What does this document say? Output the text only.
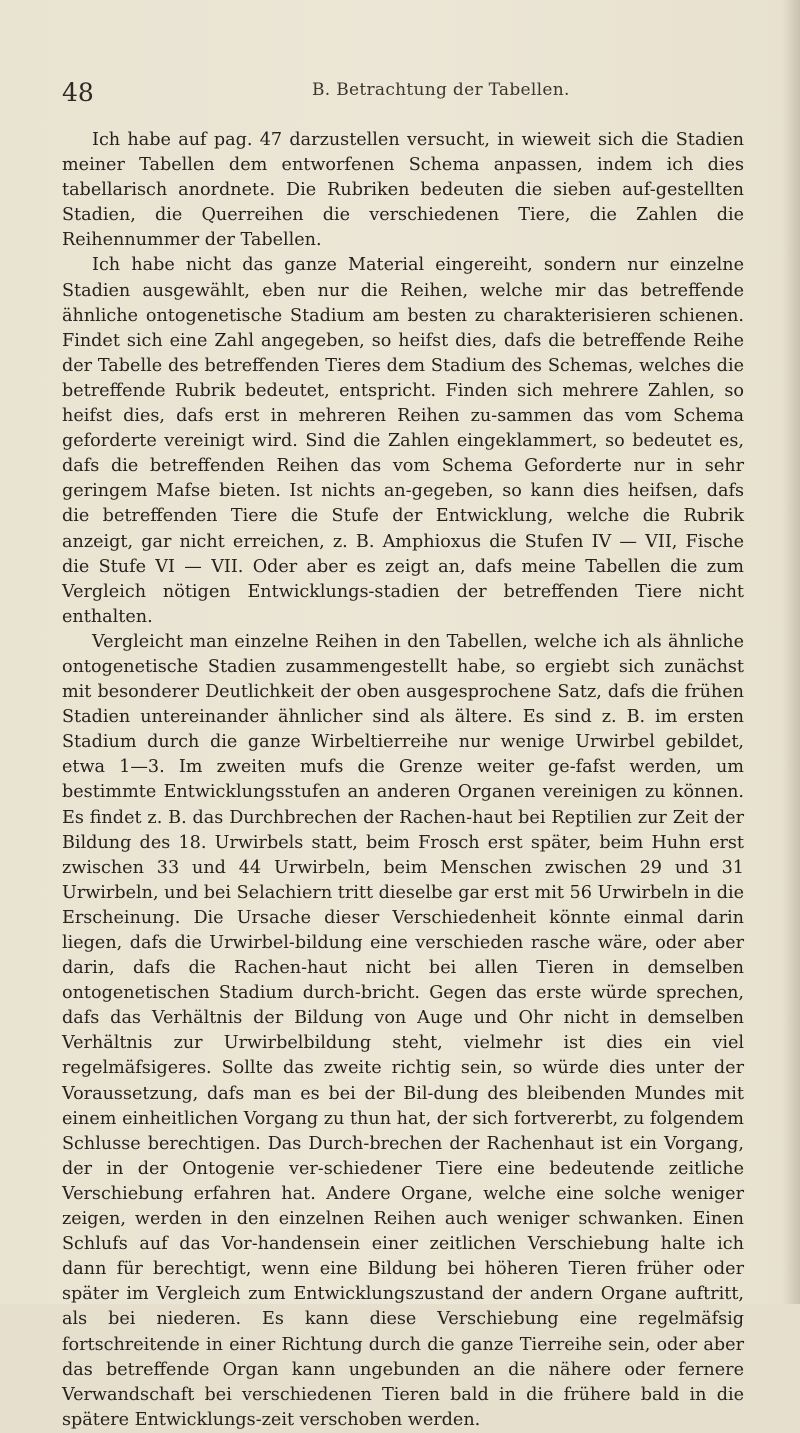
48	B. Betrachtung der Tabellen.

Ich habe auf pag. 47 darzustellen versucht, in wieweit sich die Stadien meiner Tabellen dem entworfenen Schema anpassen, indem ich dies tabellarisch anordnete. Die Rubriken bedeuten die sieben auf-gestellten Stadien, die Querreihen die verschiedenen Tiere, die Zahlen die Reihennummer der Tabellen.

Ich habe nicht das ganze Material eingereiht, sondern nur einzelne Stadien ausgewählt, eben nur die Reihen, welche mir das betreffende ähnliche ontogenetische Stadium am besten zu charakterisieren schienen. Findet sich eine Zahl angegeben, so heifst dies, dafs die betreffende Reihe der Tabelle des betreffenden Tieres dem Stadium des Schemas, welches die betreffende Rubrik bedeutet, entspricht. Finden sich mehrere Zahlen, so heifst dies, dafs erst in mehreren Reihen zu-sammen das vom Schema geforderte vereinigt wird. Sind die Zahlen eingeklammert, so bedeutet es, dafs die betreffenden Reihen das vom Schema Geforderte nur in sehr geringem Mafse bieten. Ist nichts an-gegeben, so kann dies heifsen, dafs die betreffenden Tiere die Stufe der Entwicklung, welche die Rubrik anzeigt, gar nicht erreichen, z. B. Amphioxus die Stufen IV — VII, Fische die Stufe VI — VII. Oder aber es zeigt an, dafs meine Tabellen die zum Vergleich nötigen Entwicklungs-stadien der betreffenden Tiere nicht enthalten.

Vergleicht man einzelne Reihen in den Tabellen, welche ich als ähnliche ontogenetische Stadien zusammengestellt habe, so ergiebt sich zunächst mit besonderer Deutlichkeit der oben ausgesprochene Satz, dafs die frühen Stadien untereinander ähnlicher sind als ältere. Es sind z. B. im ersten Stadium durch die ganze Wirbeltierreihe nur wenige Urwirbel gebildet, etwa 1—3. Im zweiten mufs die Grenze weiter ge-fafst werden, um bestimmte Entwicklungsstufen an anderen Organen vereinigen zu können. Es findet z. B. das Durchbrechen der Rachen-haut bei Reptilien zur Zeit der Bildung des 18. Urwirbels statt, beim Frosch erst später, beim Huhn erst zwischen 33 und 44 Urwirbeln, beim Menschen zwischen 29 und 31 Urwirbeln, und bei Selachiern tritt dieselbe gar erst mit 56 Urwirbeln in die Erscheinung. Die Ursache dieser Verschiedenheit könnte einmal darin liegen, dafs die Urwirbel-bildung eine verschieden rasche wäre, oder aber darin, dafs die Rachen-haut nicht bei allen Tieren in demselben ontogenetischen Stadium durch-bricht. Gegen das erste würde sprechen, dafs das Verhältnis der Bildung von Auge und Ohr nicht in demselben Verhältnis zur Urwirbelbildung steht, vielmehr ist dies ein viel regelmäfsigeres. Sollte das zweite richtig sein, so würde dies unter der Voraussetzung, dafs man es bei der Bil-dung des bleibenden Mundes mit einem einheitlichen Vorgang zu thun hat, der sich fortvererbt, zu folgendem Schlusse berechtigen. Das Durch-brechen der Rachenhaut ist ein Vorgang, der in der Ontogenie ver-schiedener Tiere eine bedeutende zeitliche Verschiebung erfahren hat. Andere Organe, welche eine solche weniger zeigen, werden in den einzelnen Reihen auch weniger schwanken. Einen Schlufs auf das Vor-handensein einer zeitlichen Verschiebung halte ich dann für berechtigt, wenn eine Bildung bei höheren Tieren früher oder später im Vergleich zum Entwicklungszustand der andern Organe auftritt, als bei niederen. Es kann diese Verschiebung eine regelmäfsig fortschreitende in einer Richtung durch die ganze Tierreihe sein, oder aber das betreffende Organ kann ungebunden an die nähere oder fernere Verwandschaft bei verschiedenen Tieren bald in die frühere bald in die spätere Entwicklungs-zeit verschoben werden.
